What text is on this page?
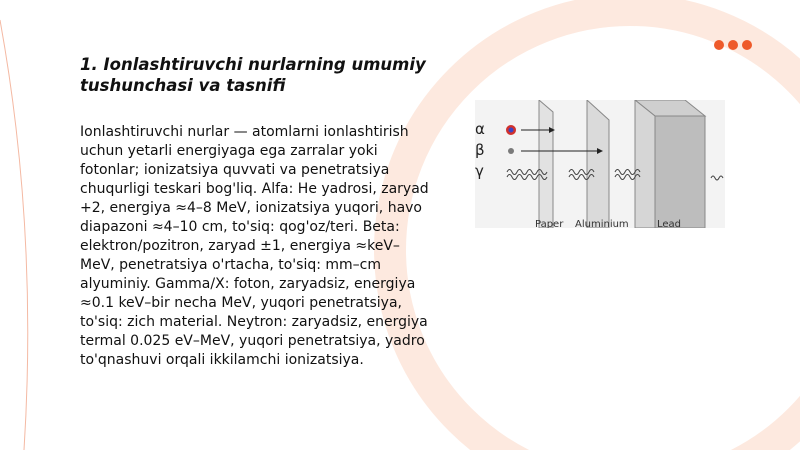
1. Ionlashtiruvchi nurlarning umumiy tushunchasi va tasnifi

Ionlashtiruvchi nurlar — atomlarni ionlashtirish uchun yetarli energiyaga ega zarralar yoki fotonlar; ionizatsiya quvvati va penetratsiya chuqurligi teskari bog'liq. Alfa: He yadrosi, zaryad +2, energiya ≈4–8 MeV, ionizatsiya yuqori, havo diapazoni ≈4–10 cm, to'siq: qog'oz/teri. Beta: elektron/pozitron, zaryad ±1, energiya ≈keV–MeV, penetratsiya o'rtacha, to'siq: mm–cm alyuminiy. Gamma/X: foton, zaryadsiz, energiya ≈0.1 keV–bir necha MeV, yuqori penetratsiya, to'siq: zich material. Neytron: zaryadsiz, energiya termal 0.025 eV–MeV, yuqori penetratsiya, yadro to'qnashuvi orqali ikkilamchi ionizatsiya.

α
β
γ
Paper Aluminium	Lead
